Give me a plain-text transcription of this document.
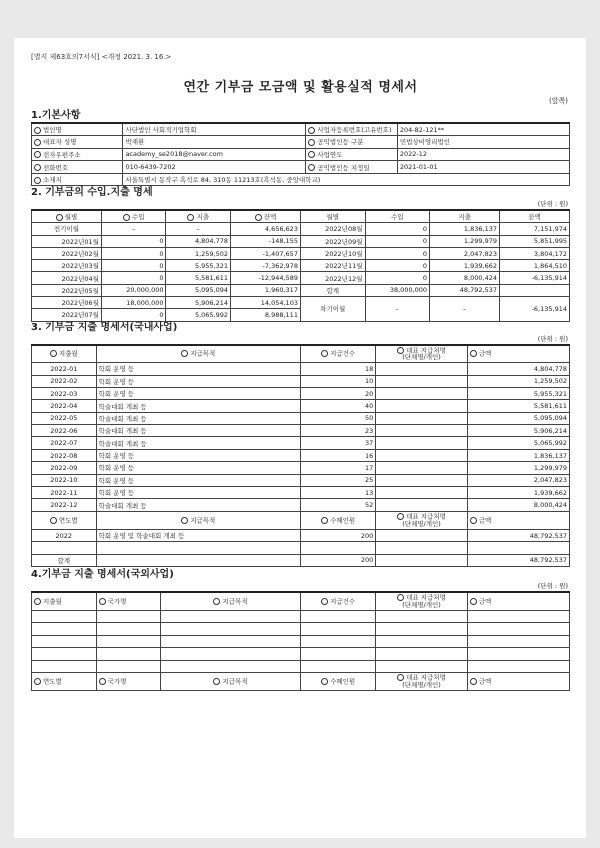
[별지 제63호의7서식] <개정 2021. 3. 16.>
연간 기부금 모금액 및 활용실적 명세서
(앞쪽)
1.기본사항
법인명	사단법인 사회적기업학회	사업자등록번호(고유번호)	204-82-121**
대표자 성명	박재환	공익법인등 구분	민법상비영리법인
전자우편주소	academy_se2018@naver.com	사업연도	2022-12
전화번호	010-6439-7202	공익법인등 지정일	2021-01-01
소재지	서울특별시 동작구 흑석로 84, 310동 11213호(흑석동, 중앙대학교)		
2. 기부금의 수입.지출 명세
(단위 : 원)
월별	수입	지출	잔액	월별	수입	지출	잔액
전기이월	–	–	4,656,623	2022년08월	0	1,836,137	7,151,974
2022년01월	0	4,804,778	-148,155	2022년09월	0	1,299,979	5,851,995
2022년02월	0	1,259,502	-1,407,657	2022년10월	0	2,047,823	3,804,172
2022년03월	0	5,955,321	-7,362,978	2022년11월	0	1,939,662	1,864,510
2022년04월	0	5,581,611	-12,944,589	2022년12월	0	8,000,424	-6,135,914
2022년05월	20,000,000	5,095,094	1,960,317	합계	38,000,000	48,792,537	
2022년06월	18,000,000	5,906,214	14,054,103	차기이월	–	–	-6,135,914
2022년07월	0	5,065,992	8,988,111				
3. 기부금 지출 명세서(국내사업)
(단위 : 원)
지출월	지급목적	지급건수	대표 지급처명
(단체명/개인)	금액
2022-01	학회 운영 등	18		4,804,778
2022-02	학회 운영 등	10		1,259,502
2022-03	학회 운영 등	20		5,955,321
2022-04	학술대회 개최 등	40		5,581,611
2022-05	학술대회 개최 등	50		5,095,094
2022-06	학술대회 개최 등	23		5,906,214
2022-07	학술대회 개최 등	37		5,065,992
2022-08	학회 운영 등	16		1,836,137
2022-09	학회 운영 등	17		1,299,979
2022-10	학회 운영 등	25		2,047,823
2022-11	학회 운영 등	13		1,939,662
2022-12	학술대회 개최 등	52		8,000,424
연도별	지급목적	수혜인원	대표 지급처명
(단체명/개인)	금액
2022	학회 운영 및 학술대회 개최 등	200		48,792,537

합계		200		48,792,537
4.기부금 지출 명세서(국외사업)
(단위 : 원)
지출월	국가명	지급목적	지급건수	대표 지급처명
(단체명/개인)	금액

연도별	국가명	지급목적	수혜인원	대표 지급처명
(단체명/개인)	금액
